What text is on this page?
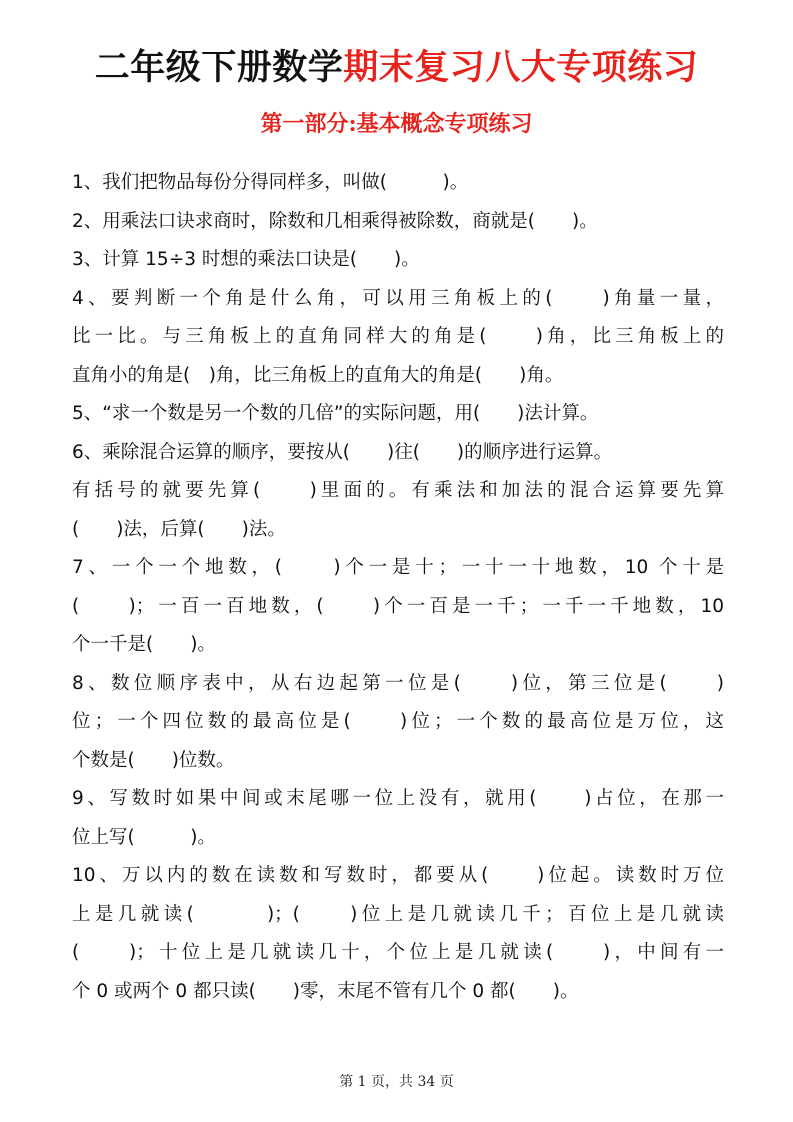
二年级下册数学期末复习八大专项练习
第一部分:基本概念专项练习
1、我们把物品每份分得同样多，叫做(　　　)。
2、用乘法口诀求商时，除数和几相乘得被除数，商就是(　　)。
3、计算 15÷3 时想的乘法口诀是(　　)。
4、要判断一个角是什么角，可以用三角板上的(　　)角量一量，
比一比。与三角板上的直角同样大的角是(　　)角，比三角板上的
直角小的角是(　)角，比三角板上的直角大的角是(　　)角。
5、“求一个数是另一个数的几倍”的实际问题，用(　　)法计算。
6、乘除混合运算的顺序，要按从(　　)往(　　)的顺序进行运算。
有括号的就要先算(　　)里面的。有乘法和加法的混合运算要先算
(　　)法，后算(　　)法。
7、一个一个地数，(　　)个一是十；一十一十地数，10 个十是
(　　)；一百一百地数，(　　)个一百是一千；一千一千地数，10
个一千是(　　)。
8、数位顺序表中，从右边起第一位是(　　)位，第三位是(　　)
位；一个四位数的最高位是(　　)位；一个数的最高位是万位，这
个数是(　　)位数。
9、写数时如果中间或末尾哪一位上没有，就用(　　)占位，在那一
位上写(　　　)。
10、万以内的数在读数和写数时，都要从(　　)位起。读数时万位
上是几就读(　　　)；(　　)位上是几就读几千；百位上是几就读
(　　)；十位上是几就读几十，个位上是几就读(　　)，中间有一
个 0 或两个 0 都只读(　　)零，末尾不管有几个 0 都(　　)。
第 1 页，共 34 页
